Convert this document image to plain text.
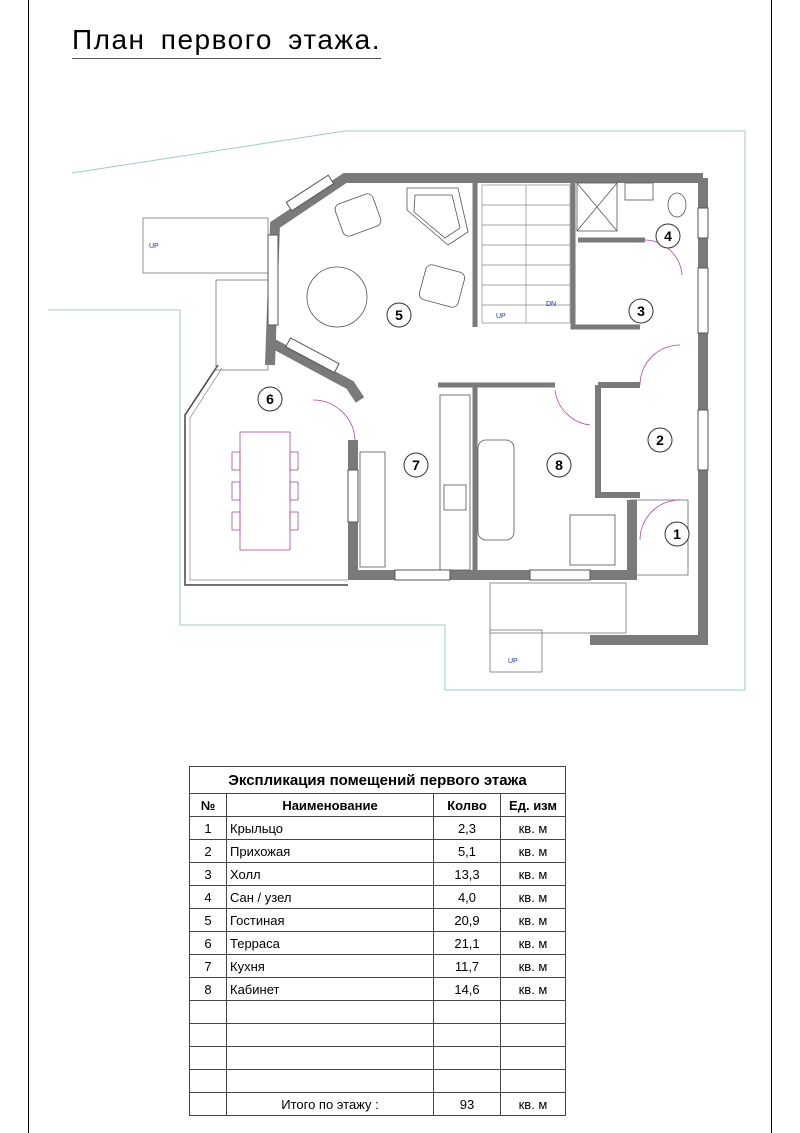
План первого этажа.
UP
UP
DN
UP
1
2
3
4
5
6
7	8
Экспликация помещений первого этажа			
№	Наименование	Колво	Ед. изм
1	Крыльцо	2,3	кв. м
2	Прихожая	5,1	кв. м
3	Холл	13,3	кв. м
4	Сан / узел	4,0	кв. м
5	Гостиная	20,9	кв. м
6	Терраса	21,1	кв. м
7	Кухня	11,7	кв. м
8	Кабинет	14,6	кв. м

	Итого по этажу :	93	кв. м
